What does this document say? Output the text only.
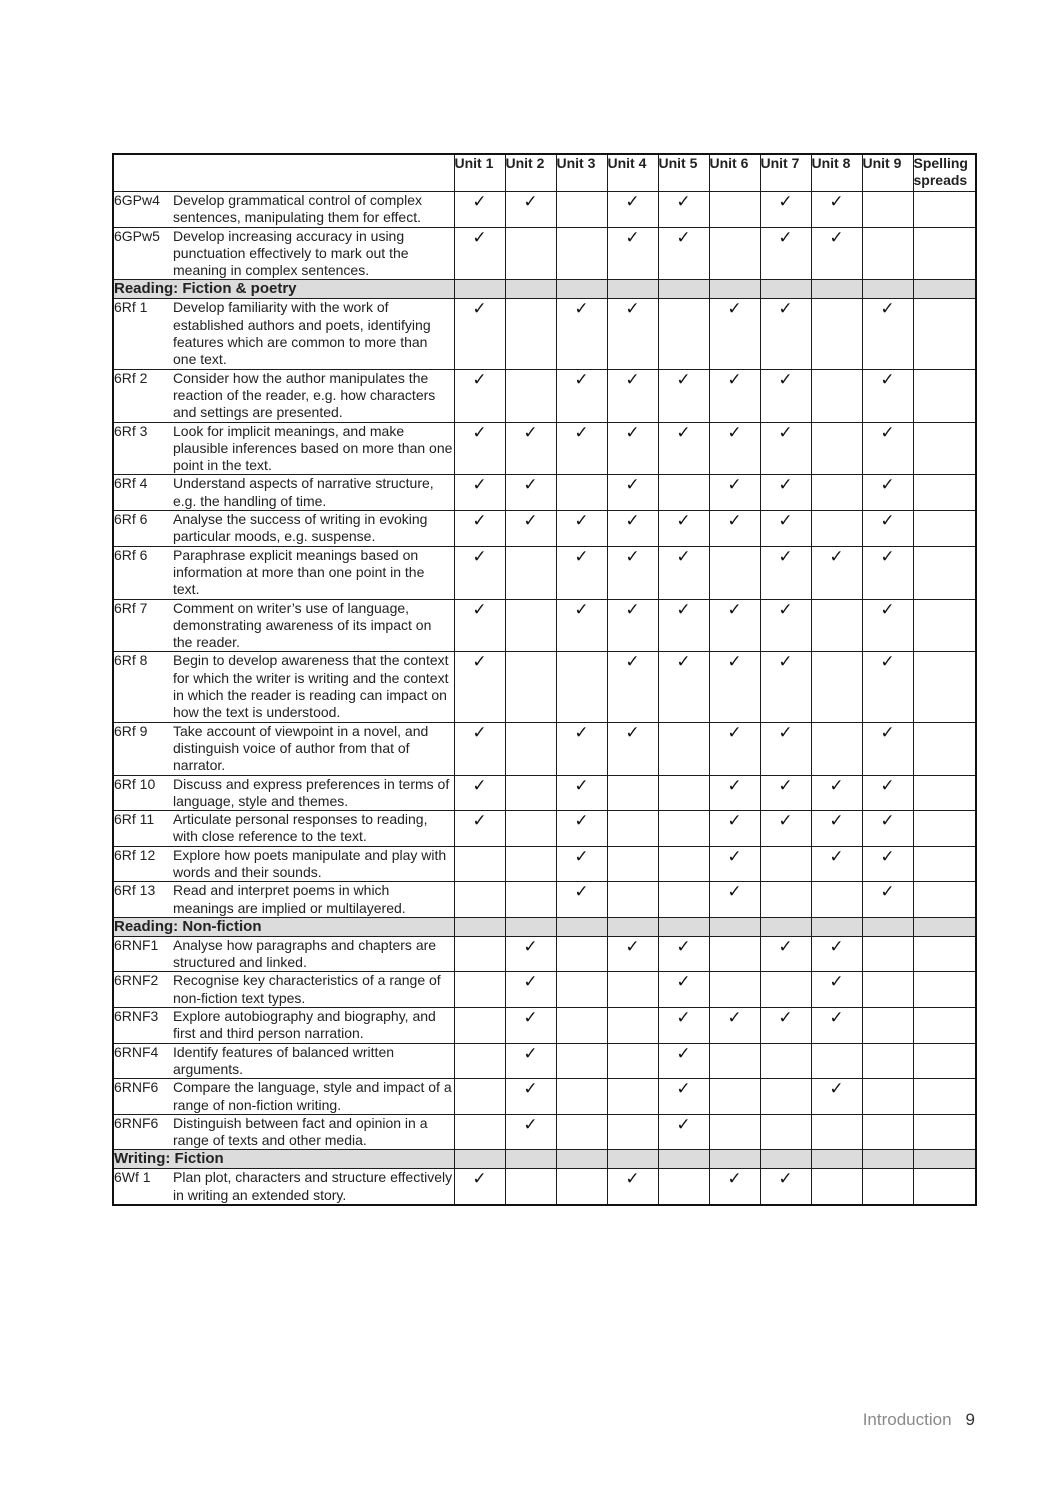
		Unit 1	Unit 2	Unit 3	Unit 4	Unit 5	Unit 6	Unit 7	Unit 8	Unit 9	Spelling spreads
6GPw4	Develop grammatical control of complex sentences, manipulating them for effect.	✓	✓		✓	✓		✓	✓		
6GPw5	Develop increasing accuracy in using punctuation effectively to mark out the meaning in complex sentences.	✓			✓	✓		✓	✓		
Reading: Fiction & poetry											
6Rf 1	Develop familiarity with the work of established authors and poets, identifying features which are common to more than one text.	✓		✓	✓		✓	✓		✓	
6Rf 2	Consider how the author manipulates the reaction of the reader, e.g. how characters and settings are presented.	✓		✓	✓	✓	✓	✓		✓	
6Rf 3	Look for implicit meanings, and make plausible inferences based on more than one point in the text.	✓	✓	✓	✓	✓	✓	✓		✓	
6Rf 4	Understand aspects of narrative structure, e.g. the handling of time.	✓	✓		✓		✓	✓		✓	
6Rf 6	Analyse the success of writing in evoking particular moods, e.g. suspense.	✓	✓	✓	✓	✓	✓	✓		✓	
6Rf 6	Paraphrase explicit meanings based on information at more than one point in the text.	✓		✓	✓	✓		✓	✓	✓	
6Rf 7	Comment on writer’s use of language, demonstrating awareness of its impact on the reader.	✓		✓	✓	✓	✓	✓		✓	
6Rf 8	Begin to develop awareness that the context for which the writer is writing and the context in which the reader is reading can impact on how the text is understood.	✓			✓	✓	✓	✓		✓	
6Rf 9	Take account of viewpoint in a novel, and distinguish voice of author from that of narrator.	✓		✓	✓		✓	✓		✓	
6Rf 10	Discuss and express preferences in terms of language, style and themes.	✓		✓			✓	✓	✓	✓	
6Rf 11	Articulate personal responses to reading, with close reference to the text.	✓		✓			✓	✓	✓	✓	
6Rf 12	Explore how poets manipulate and play with words and their sounds.			✓			✓		✓	✓	
6Rf 13	Read and interpret poems in which meanings are implied or multilayered.			✓			✓			✓	
Reading: Non-fiction											
6RNF1	Analyse how paragraphs and chapters are structured and linked.		✓		✓	✓		✓	✓		
6RNF2	Recognise key characteristics of a range of non-fiction text types.		✓			✓			✓		
6RNF3	Explore autobiography and biography, and first and third person narration.		✓			✓	✓	✓	✓		
6RNF4	Identify features of balanced written arguments.		✓			✓					
6RNF6	Compare the language, style and impact of a range of non-fiction writing.		✓			✓			✓		
6RNF6	Distinguish between fact and opinion in a range of texts and other media.		✓			✓					
Writing: Fiction											
6Wf 1	Plan plot, characters and structure effectively in writing an extended story.	✓			✓		✓	✓			
Introduction 9
